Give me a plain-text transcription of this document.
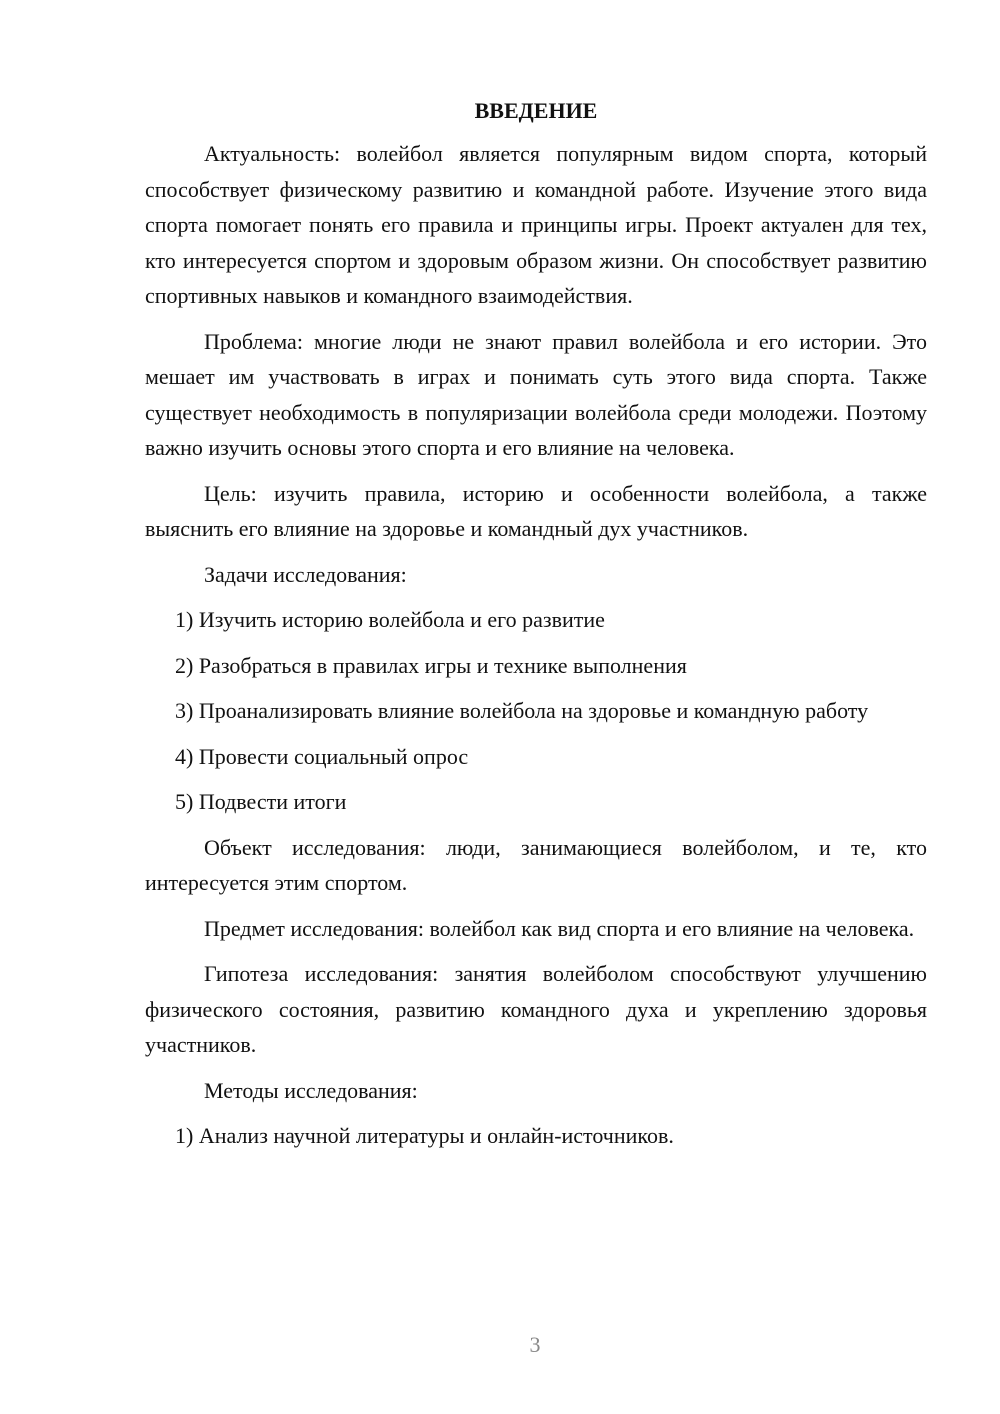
ВВЕДЕНИЕ

Актуальность: волейбол является популярным видом спорта, который способствует физическому развитию и командной работе. Изучение этого вида спорта помогает понять его правила и принципы игры. Проект актуален для тех, кто интересуется спортом и здоровым образом жизни. Он способствует развитию спортивных навыков и командного взаимодействия.

Проблема: многие люди не знают правил волейбола и его истории. Это мешает им участвовать в играх и понимать суть этого вида спорта. Также существует необходимость в популяризации волейбола среди молодежи. Поэтому важно изучить основы этого спорта и его влияние на человека.

Цель: изучить правила, историю и особенности волейбола, а также выяснить его влияние на здоровье и командный дух участников.

Задачи исследования:

1) Изучить историю волейбола и его развитие

2) Разобраться в правилах игры и технике выполнения

3) Проанализировать влияние волейбола на здоровье и командную работу

4) Провести социальный опрос

5) Подвести итоги

Объект исследования: люди, занимающиеся волейболом, и те, кто интересуется этим спортом.

Предмет исследования: волейбол как вид спорта и его влияние на человека.

Гипотеза исследования: занятия волейболом способствуют улучшению физического состояния, развитию командного духа и укреплению здоровья участников.

Методы исследования:

1) Анализ научной литературы и онлайн-источников.

3
